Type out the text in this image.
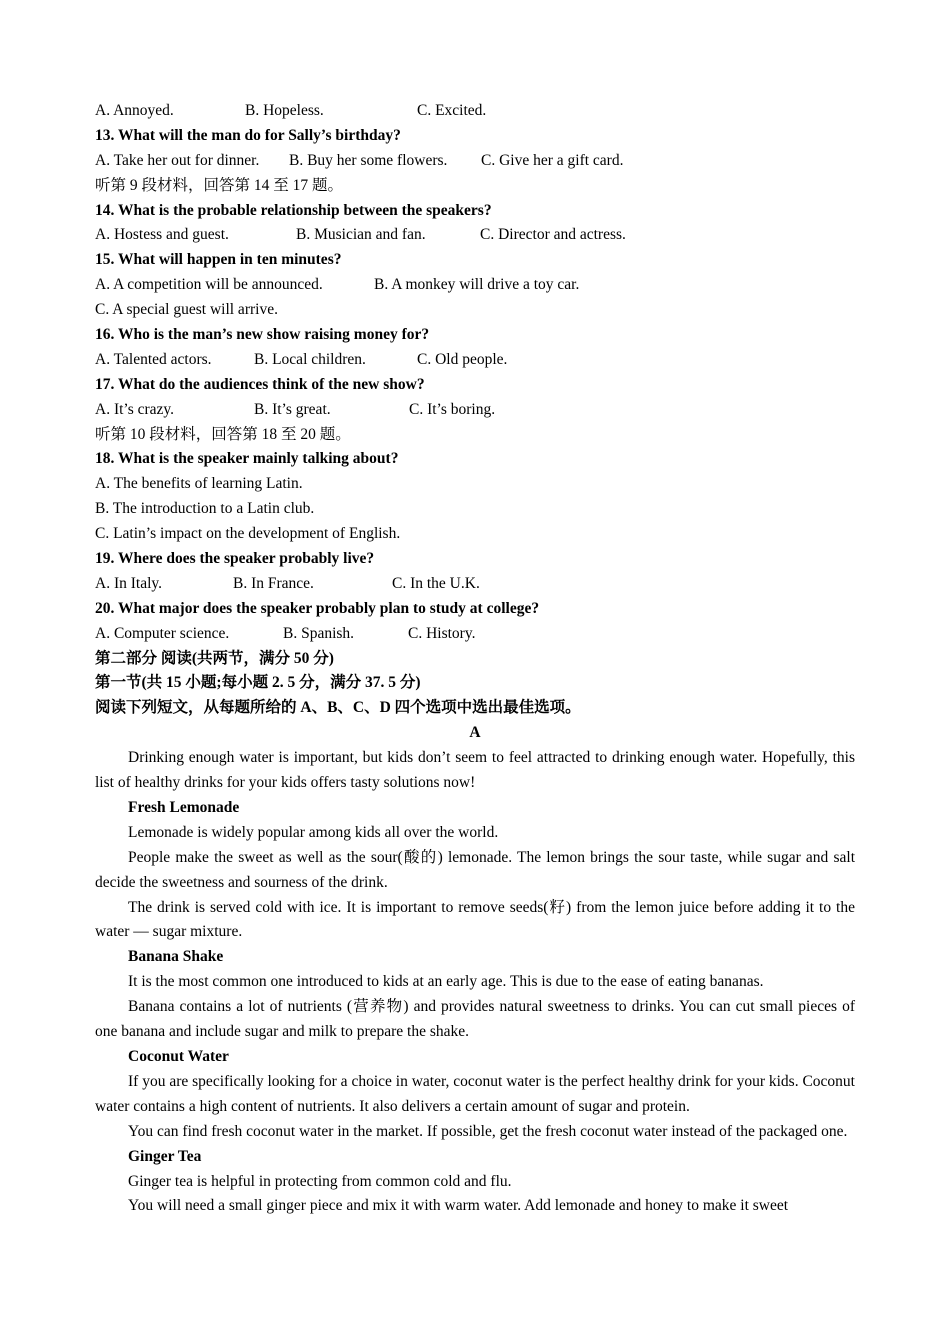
A. Annoyed.	B. Hopeless.	C. Excited.
13. What will the man do for Sally’s birthday?
A. Take her out for dinner. B. Buy her some flowers. C. Give her a gift card.
听第 9 段材料，回答第 14 至 17 题。
14. What is the probable relationship between the speakers?
A. Hostess and guest.	B. Musician and fan.	C. Director and actress.
15. What will happen in ten minutes?
A. A competition will be announced.	B. A monkey will drive a toy car.
C. A special guest will arrive.
16. Who is the man’s new show raising money for?
A. Talented actors.	B. Local children.	C. Old people.
17. What do the audiences think of the new show?
A. It’s crazy.	B. It’s great.	C. It’s boring.
听第 10 段材料，回答第 18 至 20 题。
18. What is the speaker mainly talking about?
A. The benefits of learning Latin.
B. The introduction to a Latin club.
C. Latin’s impact on the development of English.
19. Where does the speaker probably live?
A. In Italy.	B. In France.	C. In the U.K.
20. What major does the speaker probably plan to study at college?
A. Computer science.	B. Spanish.	C. History.
第二部分 阅读(共两节，满分 50 分)
第一节(共 15 小题;每小题 2. 5 分，满分 37. 5 分)
阅读下列短文，从每题所给的 A、B、C、D 四个选项中选出最佳选项。
A
Drinking enough water is important, but kids don’t seem to feel attracted to drinking enough water. Hopefully, this list of healthy drinks for your kids offers tasty solutions now!
Fresh Lemonade
Lemonade is widely popular among kids all over the world.
People make the sweet as well as the sour(酸的) lemonade. The lemon brings the sour taste, while sugar and salt decide the sweetness and sourness of the drink.
The drink is served cold with ice. It is important to remove seeds(籽) from the lemon juice before adding it to the water — sugar mixture.
Banana Shake
It is the most common one introduced to kids at an early age. This is due to the ease of eating bananas.
Banana contains a lot of nutrients (营养物) and provides natural sweetness to drinks. You can cut small pieces of one banana and include sugar and milk to prepare the shake.
Coconut Water
If you are specifically looking for a choice in water, coconut water is the perfect healthy drink for your kids. Coconut water contains a high content of nutrients. It also delivers a certain amount of sugar and protein.
You can find fresh coconut water in the market. If possible, get the fresh coconut water instead of the packaged one.
Ginger Tea
Ginger tea is helpful in protecting from common cold and flu.
You will need a small ginger piece and mix it with warm water. Add lemonade and honey to make it sweet
